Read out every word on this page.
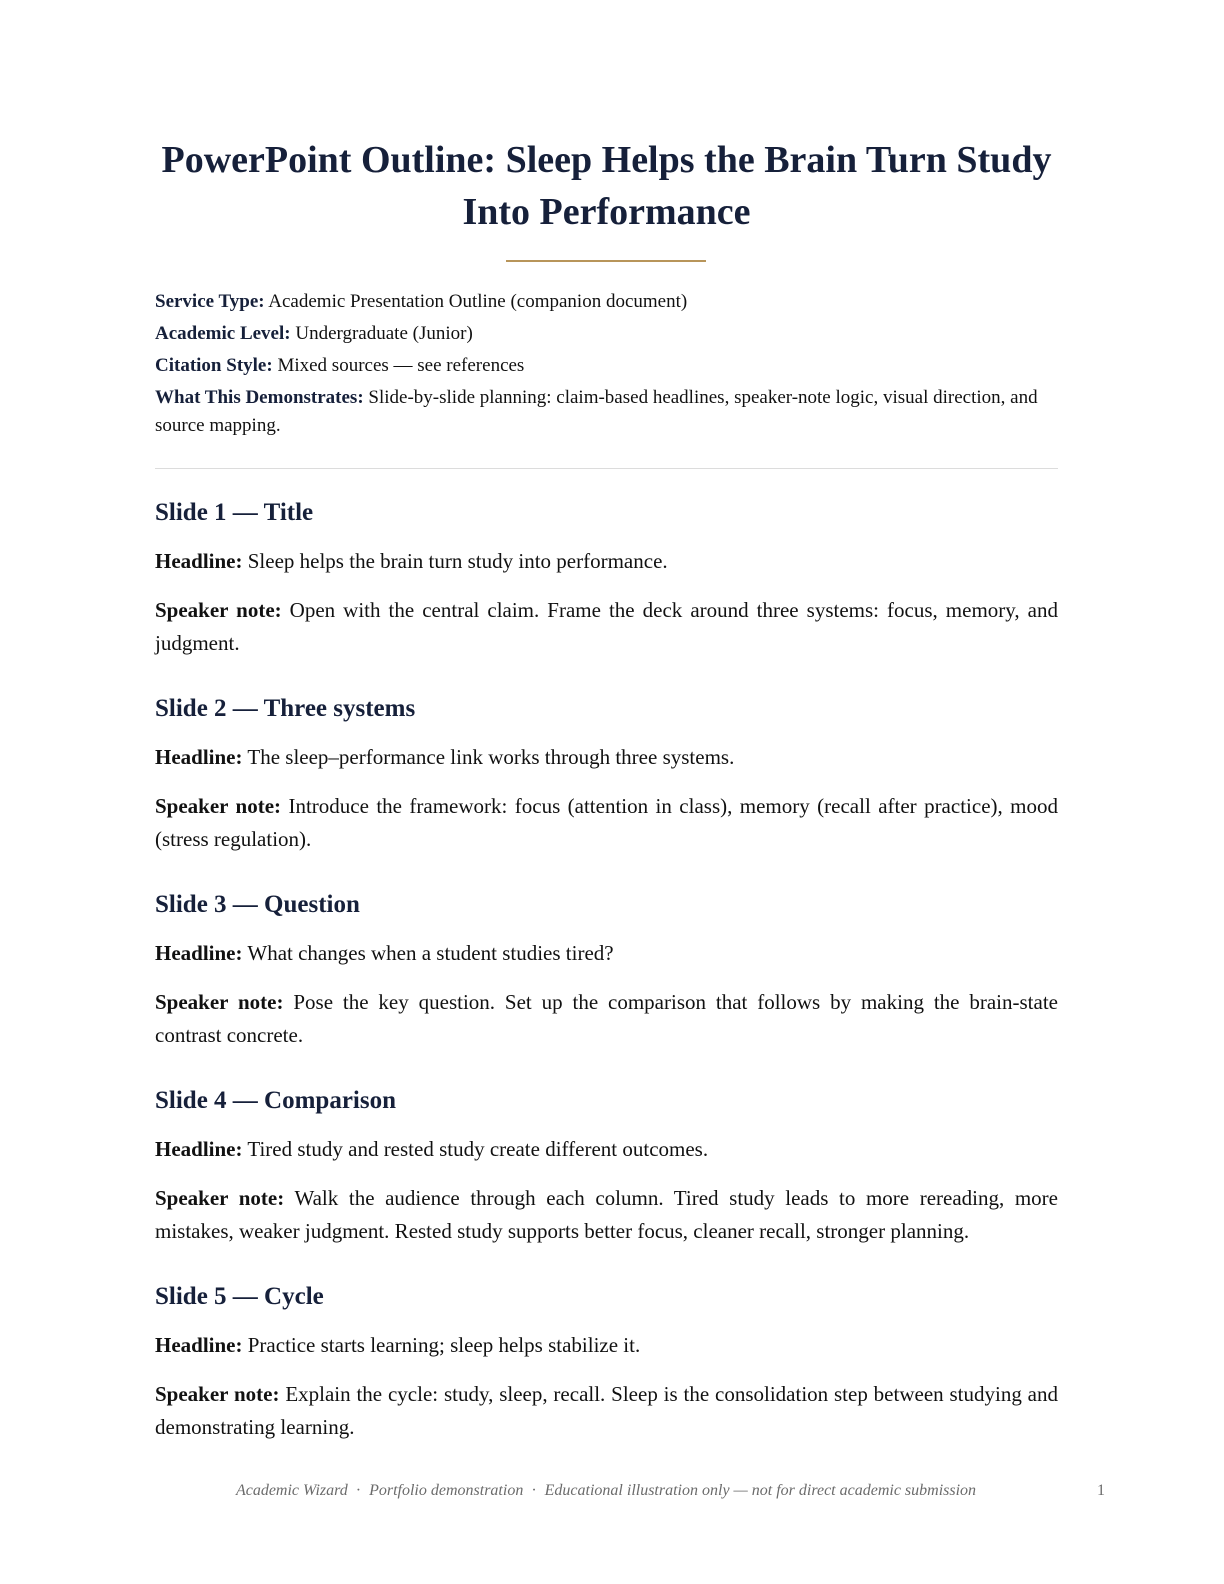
PowerPoint Outline: Sleep Helps the Brain Turn Study Into Performance

Service Type: Academic Presentation Outline (companion document)

Academic Level: Undergraduate (Junior)

Citation Style: Mixed sources — see references

What This Demonstrates: Slide-by-slide planning: claim-based headlines, speaker-note logic, visual direction, and source mapping.

Slide 1 — Title

Headline: Sleep helps the brain turn study into performance.

Speaker note: Open with the central claim. Frame the deck around three systems: focus, memory, and judgment.

Slide 2 — Three systems

Headline: The sleep–performance link works through three systems.

Speaker note: Introduce the framework: focus (attention in class), memory (recall after practice), mood (stress regulation).

Slide 3 — Question

Headline: What changes when a student studies tired?

Speaker note: Pose the key question. Set up the comparison that follows by making the brain-state contrast concrete.

Slide 4 — Comparison

Headline: Tired study and rested study create different outcomes.

Speaker note: Walk the audience through each column. Tired study leads to more rereading, more mistakes, weaker judgment. Rested study supports better focus, cleaner recall, stronger planning.

Slide 5 — Cycle

Headline: Practice starts learning; sleep helps stabilize it.

Speaker note: Explain the cycle: study, sleep, recall. Sleep is the consolidation step between studying and demonstrating learning.

Academic Wizard · Portfolio demonstration · Educational illustration only — not for direct academic submission	1
